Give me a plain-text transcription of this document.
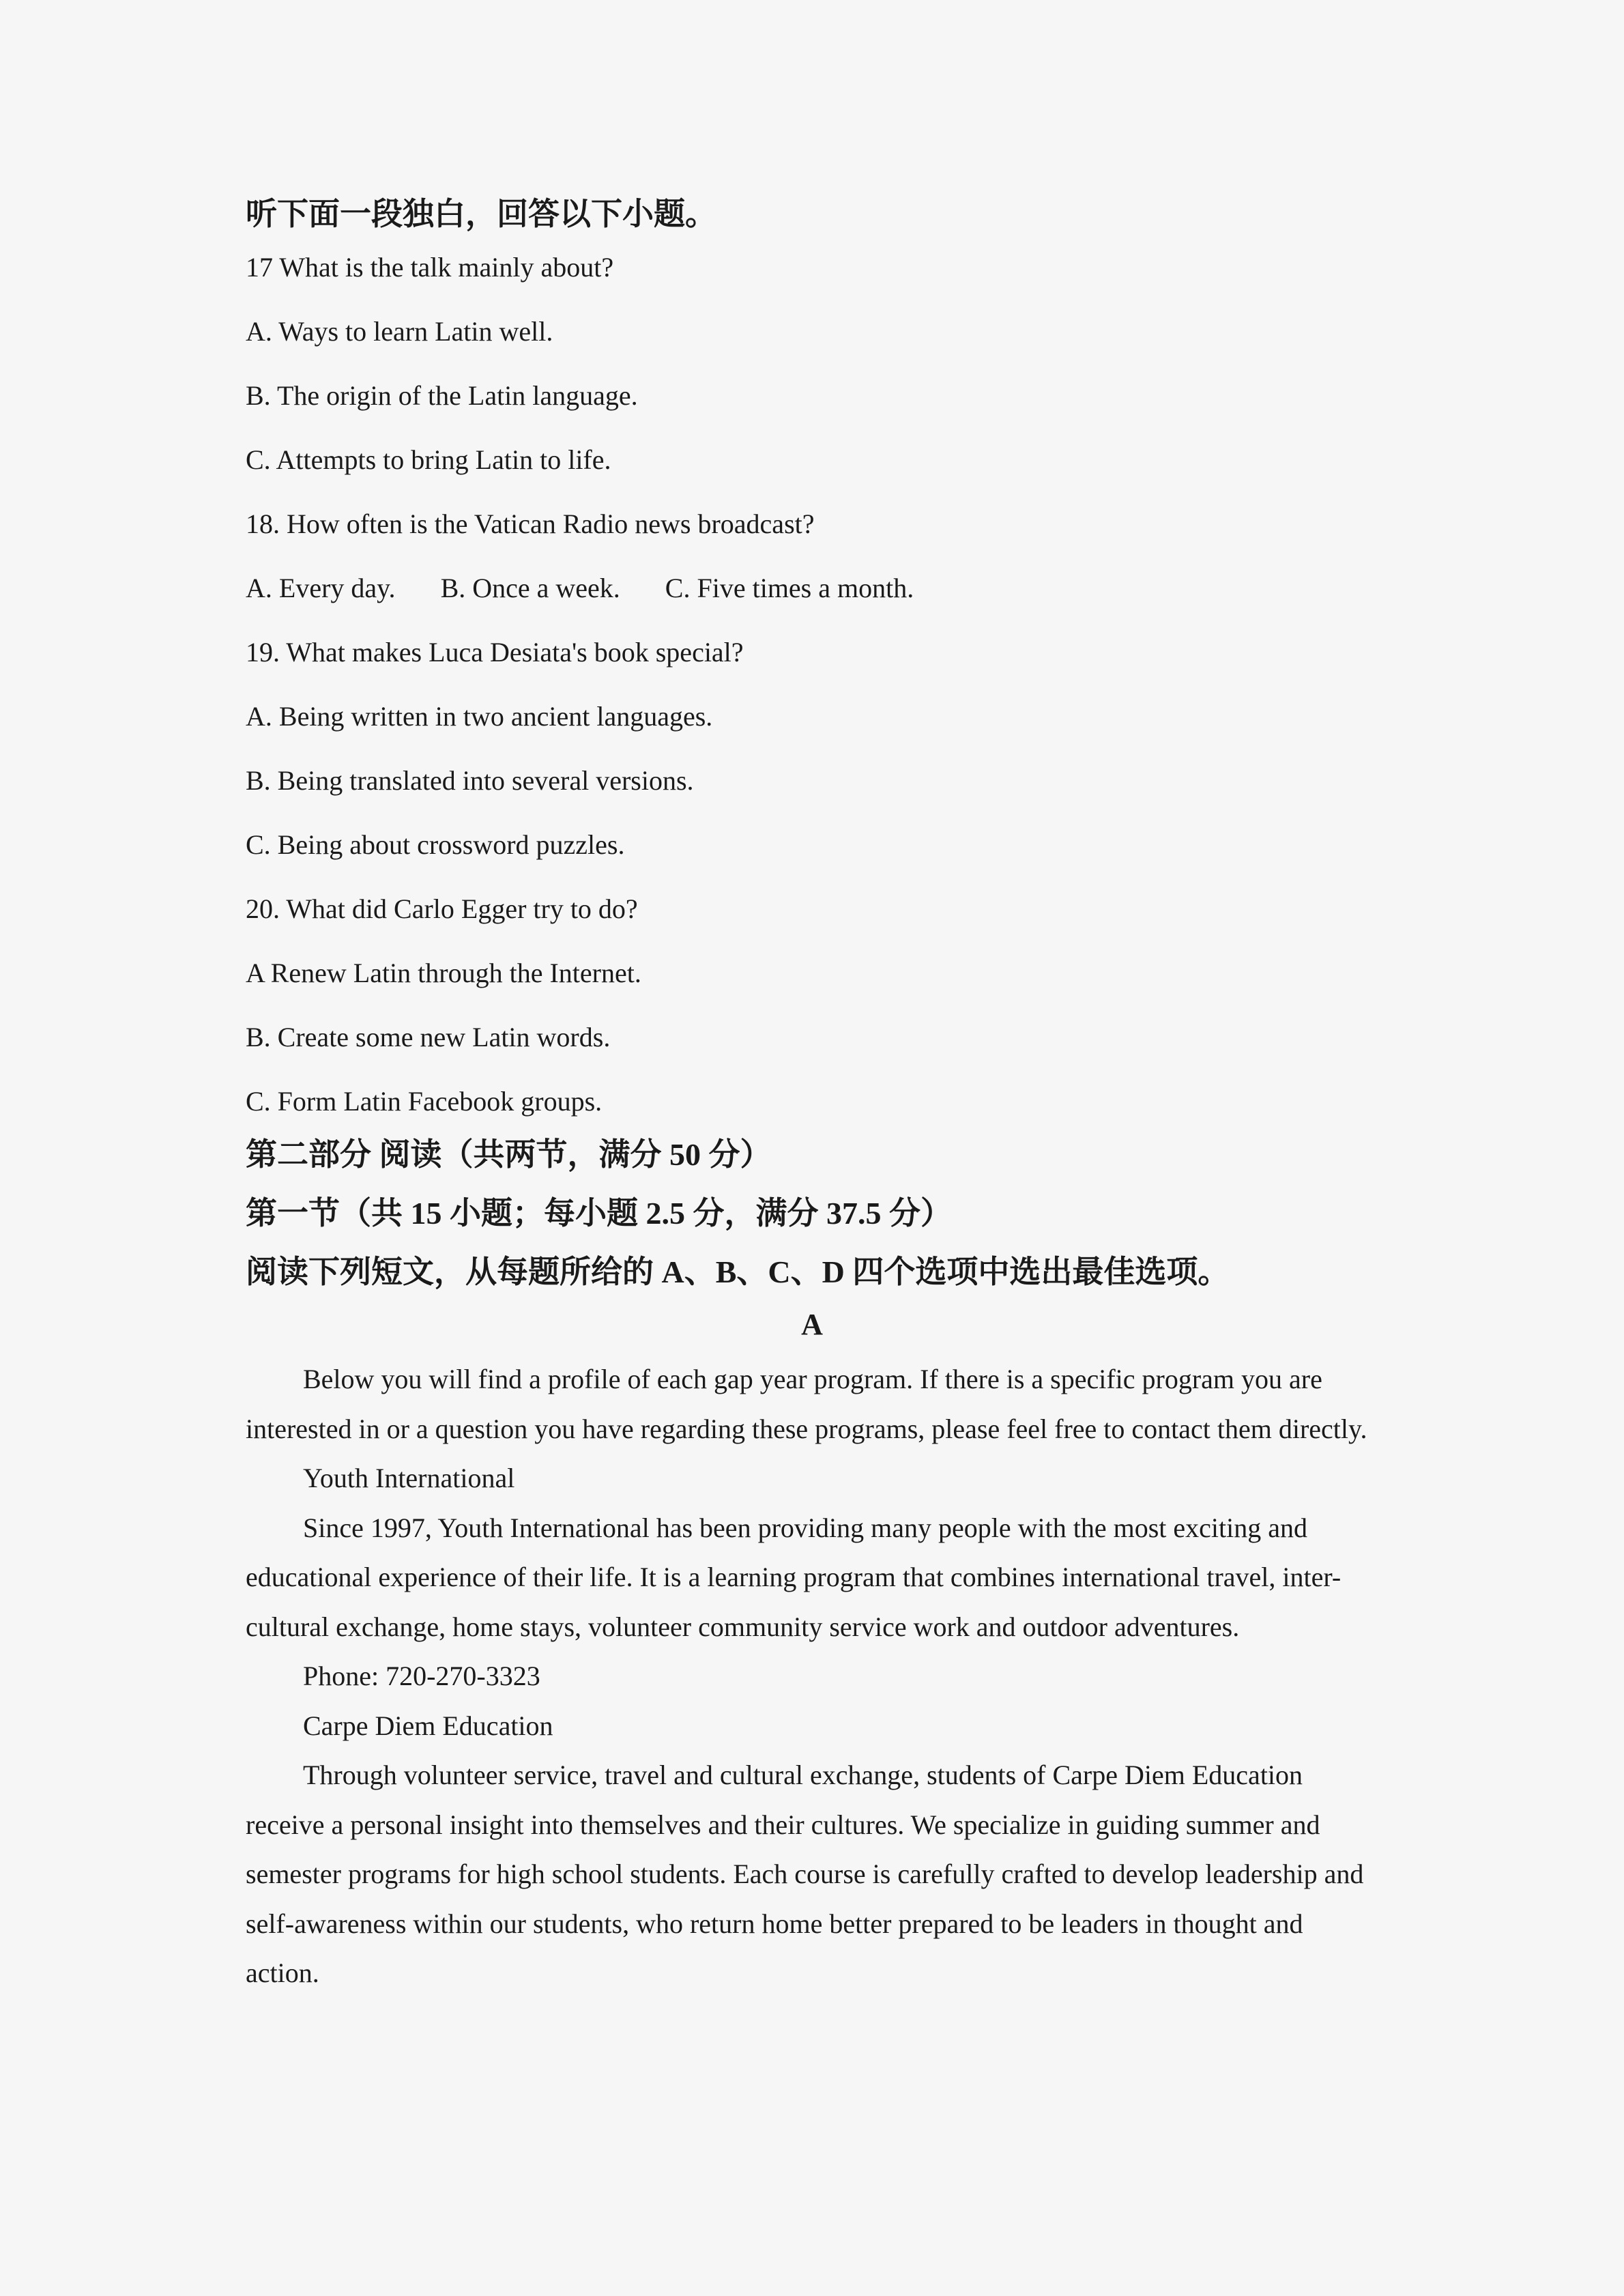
听下面一段独白，回答以下小题。
17 What is the talk mainly about?
A. Ways to learn Latin well.
B. The origin of the Latin language.
C. Attempts to bring Latin to life.
18. How often is the Vatican Radio news broadcast?
A. Every day. B. Once a week. C. Five times a month.
19. What makes Luca Desiata's book special?
A. Being written in two ancient languages.
B. Being translated into several versions.
C. Being about crossword puzzles.
20. What did Carlo Egger try to do?
A Renew Latin through the Internet.
B. Create some new Latin words.
C. Form Latin Facebook groups.
第二部分 阅读（共两节，满分 50 分）
第一节（共 15 小题；每小题 2.5 分，满分 37.5 分）
阅读下列短文，从每题所给的 A、B、C、D 四个选项中选出最佳选项。
A

Below you will find a profile of each gap year program. If there is a specific program you are interested in or a question you have regarding these programs, please feel free to contact them directly.

Youth International

Since 1997, Youth International has been providing many people with the most exciting and educational experience of their life. It is a learning program that combines international travel, inter-cultural exchange, home stays, volunteer community service work and outdoor adventures.

Phone: 720-270-3323

Carpe Diem Education

Through volunteer service, travel and cultural exchange, students of Carpe Diem Education receive a personal insight into themselves and their cultures. We specialize in guiding summer and semester programs for high school students. Each course is carefully crafted to develop leadership and self-awareness within our students, who return home better prepared to be leaders in thought and action.
